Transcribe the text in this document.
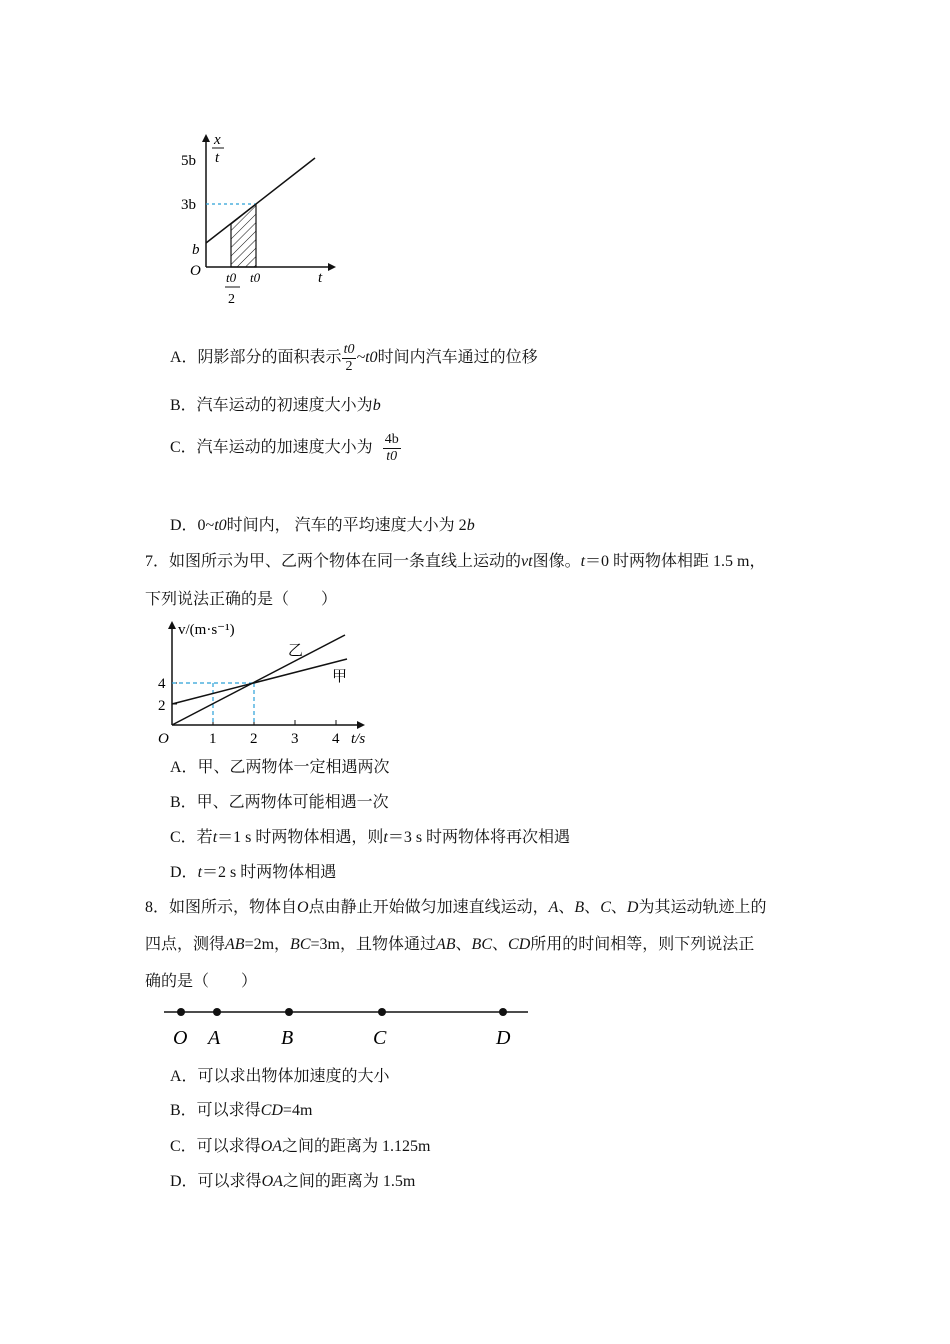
x
t
5b
3b
b
O	t
t0
2
t0
A．阴影部分的面积表示 $\frac{t0}{2}$ ~t0时间内汽车通过的位移
B．汽车运动的初速度大小为b
C．汽车运动的加速度大小为 $\frac{4b}{t0}$
D．0~t0时间内， 汽车的平均速度大小为 2b
7．如图所示为甲、乙两个物体在同一条直线上运动的vt图像。t＝0 时两物体相距 1.5 m，
下列说法正确的是（　　）
v/(m·s⁻¹)
乙
甲
4
2
O	1 2 3 4 t/s
A．甲、乙两物体一定相遇两次
B．甲、乙两物体可能相遇一次
C．若t＝1 s 时两物体相遇，则t＝3 s 时两物体将再次相遇
D．t＝2 s 时两物体相遇
8．如图所示，物体自O点由静止开始做匀加速直线运动，A、B、C、D为其运动轨迹上的
四点，测得AB=2m，BC=3m，且物体通过AB、BC、CD所用的时间相等，则下列说法正
确的是（　　）
O A	B	C	D
A．可以求出物体加速度的大小
B．可以求得CD=4m
C．可以求得OA之间的距离为 1.125m
D．可以求得OA之间的距离为 1.5m
